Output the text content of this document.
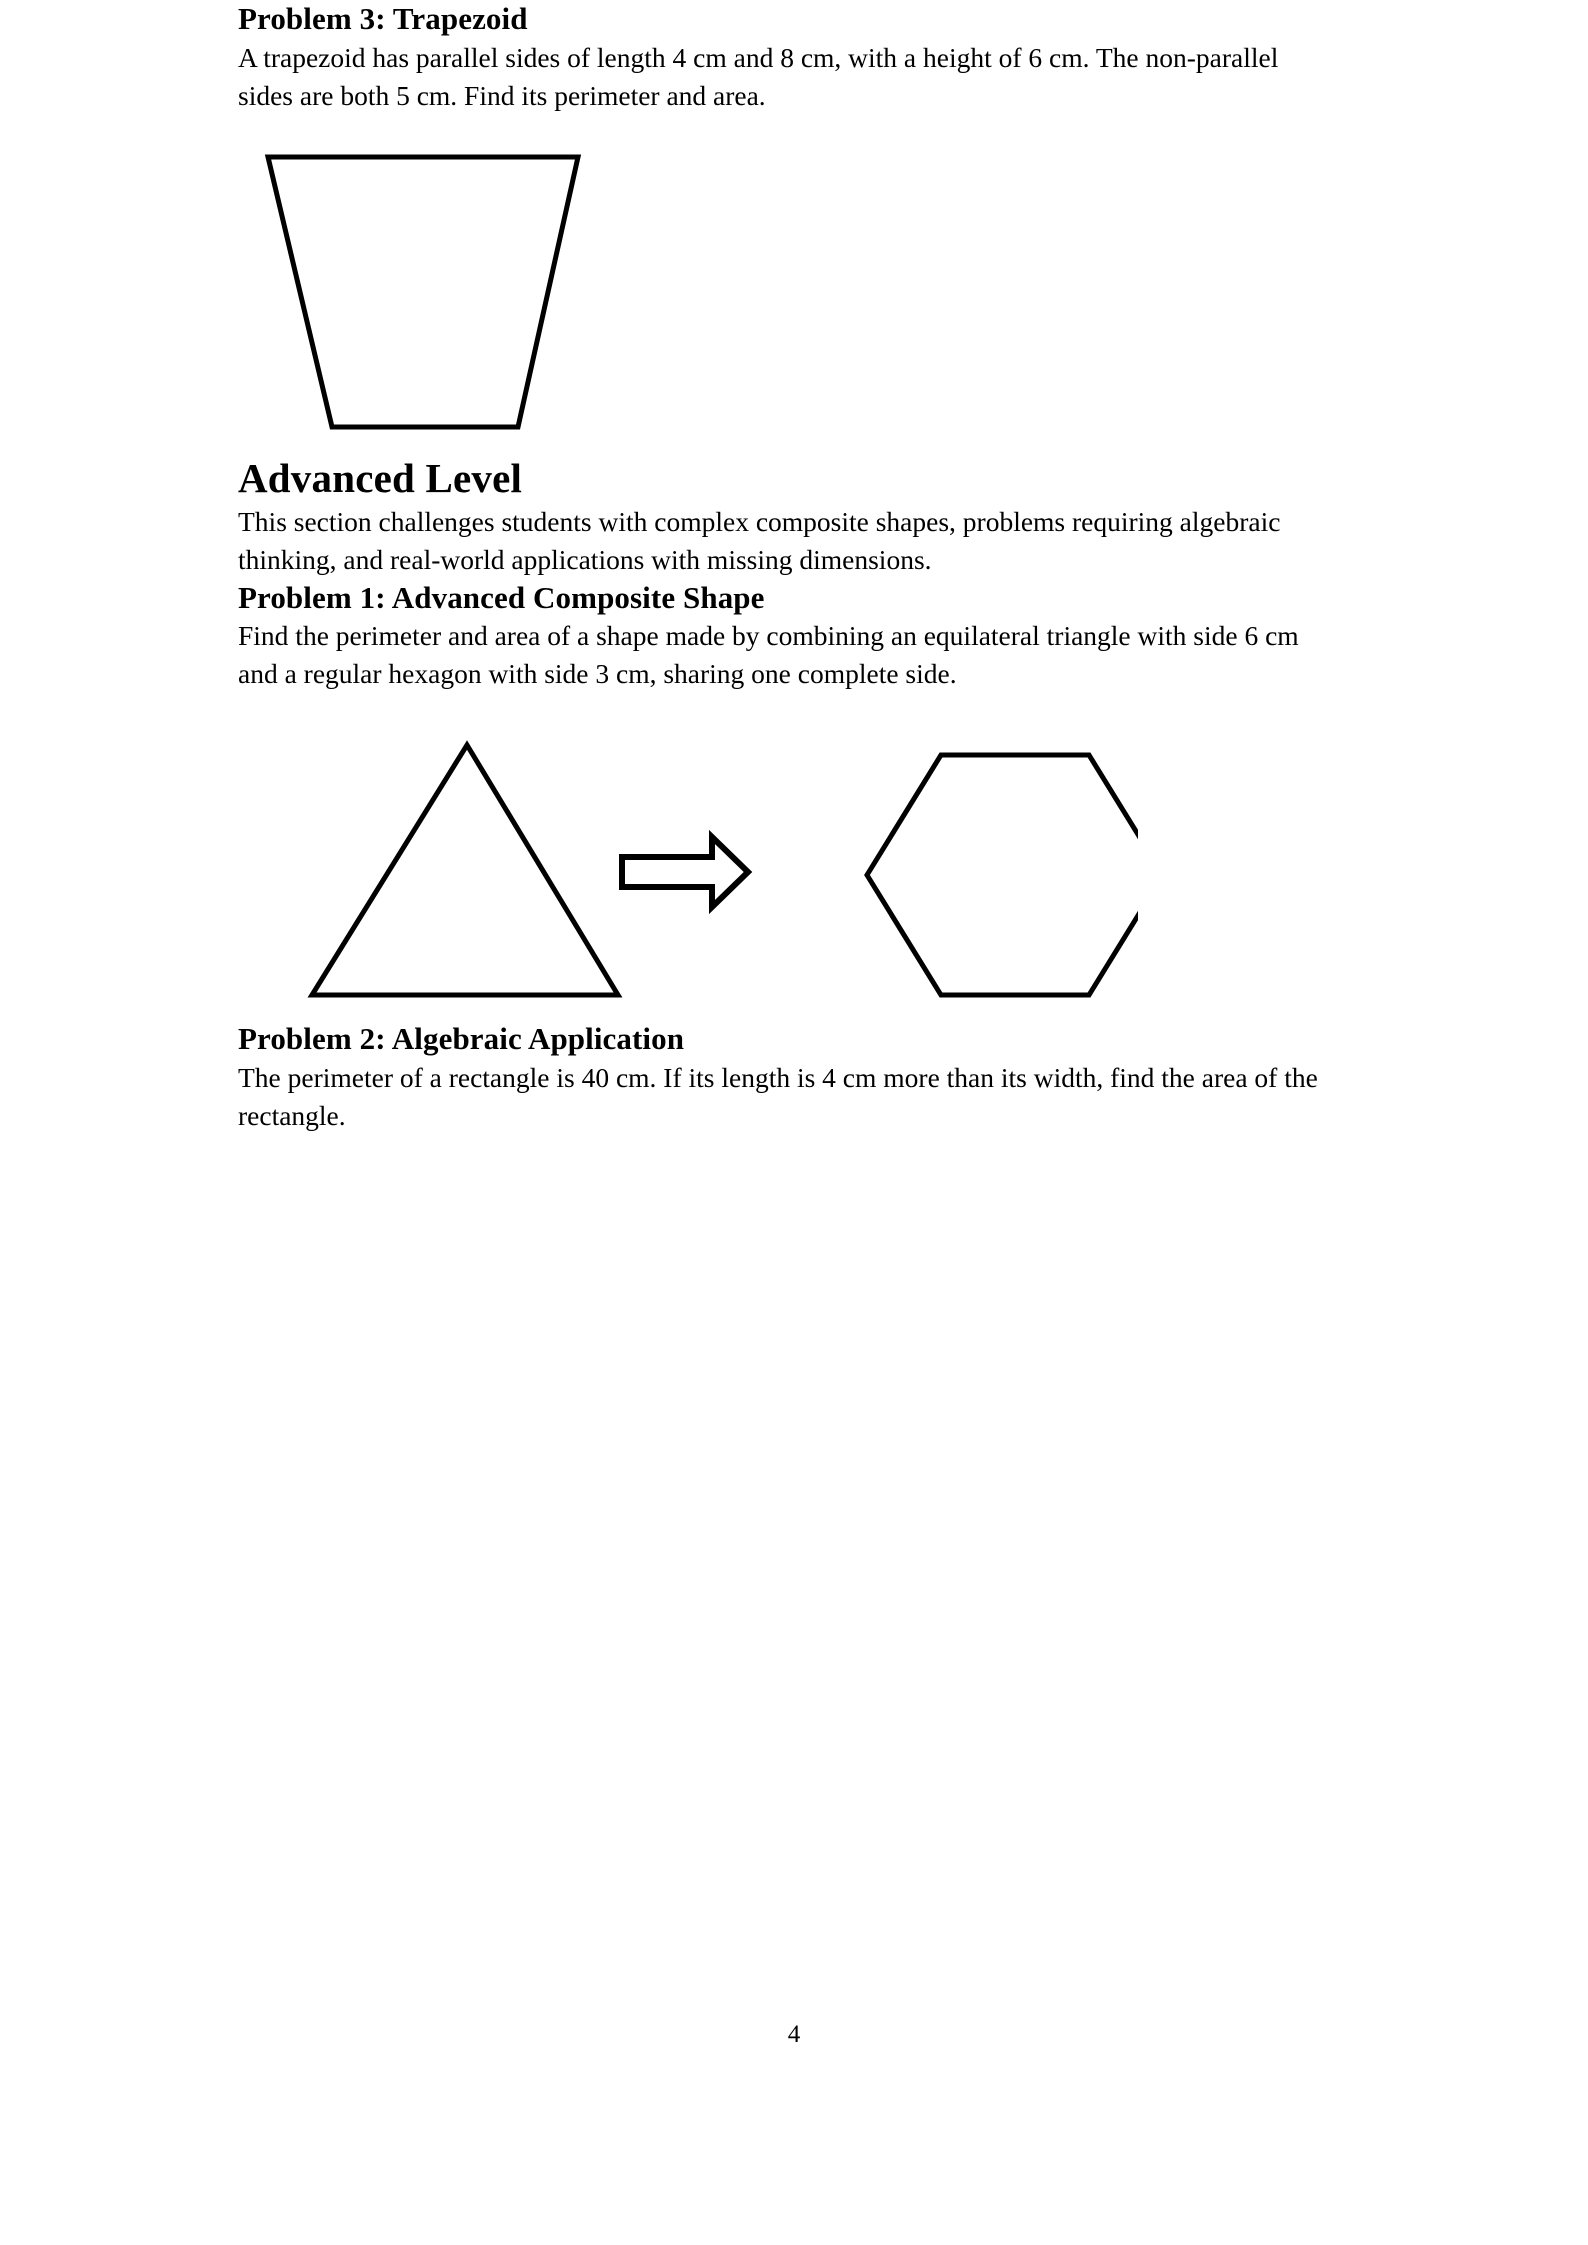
Problem 3: Trapezoid

A trapezoid has parallel sides of length 4 cm and 8 cm, with a height of 6 cm. The non-parallel sides are both 5 cm. Find its perimeter and area.

Advanced Level

This section challenges students with complex composite shapes, problems requiring algebraic thinking, and real-world applications with missing dimensions.

Problem 1: Advanced Composite Shape

Find the perimeter and area of a shape made by combining an equilateral triangle with side 6 cm and a regular hexagon with side 3 cm, sharing one complete side.

Problem 2: Algebraic Application

The perimeter of a rectangle is 40 cm. If its length is 4 cm more than its width, find the area of the rectangle.

4
